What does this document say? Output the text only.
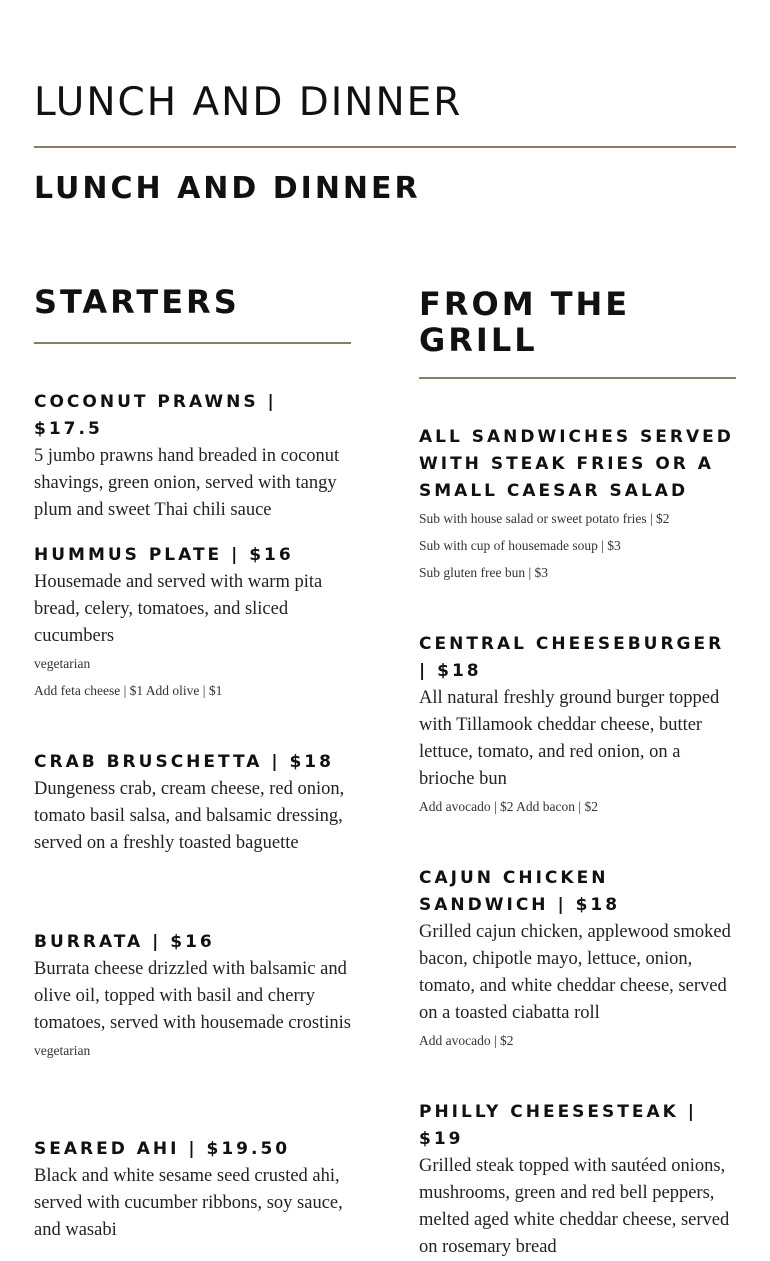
LUNCH AND DINNER
LUNCH AND DINNER
STARTERS

COCONUT PRAWNS | $17.5

5 jumbo prawns hand breaded in coconut shavings, green onion, served with tangy plum and sweet Thai chili sauce

HUMMUS PLATE | $16

Housemade and served with warm pita bread, celery, tomatoes, and sliced cucumbers

vegetarian

Add feta cheese | $1 Add olive | $1

CRAB BRUSCHETTA | $18

Dungeness crab, cream cheese, red onion, tomato basil salsa, and balsamic dressing, served on a freshly toasted baguette

BURRATA | $16

Burrata cheese drizzled with balsamic and olive oil, topped with basil and cherry tomatoes, served with housemade crostinis

vegetarian

SEARED AHI | $19.50

Black and white sesame seed crusted ahi, served with cucumber ribbons, soy sauce, and wasabi

FROM THE GRILL

ALL SANDWICHES SERVED WITH STEAK FRIES OR A SMALL CAESAR SALAD

Sub with house salad or sweet potato fries | $2

Sub with cup of housemade soup | $3

Sub gluten free bun | $3

CENTRAL CHEESEBURGER | $18

All natural freshly ground burger topped with Tillamook cheddar cheese, butter lettuce, tomato, and red onion, on a brioche bun

Add avocado | $2 Add bacon | $2

CAJUN CHICKEN SANDWICH | $18

Grilled cajun chicken, applewood smoked bacon, chipotle mayo, lettuce, onion, tomato, and white cheddar cheese, served on a toasted ciabatta roll

Add avocado | $2

PHILLY CHEESESTEAK | $19

Grilled steak topped with sautéed onions, mushrooms, green and red bell peppers, melted aged white cheddar cheese, served on rosemary bread
